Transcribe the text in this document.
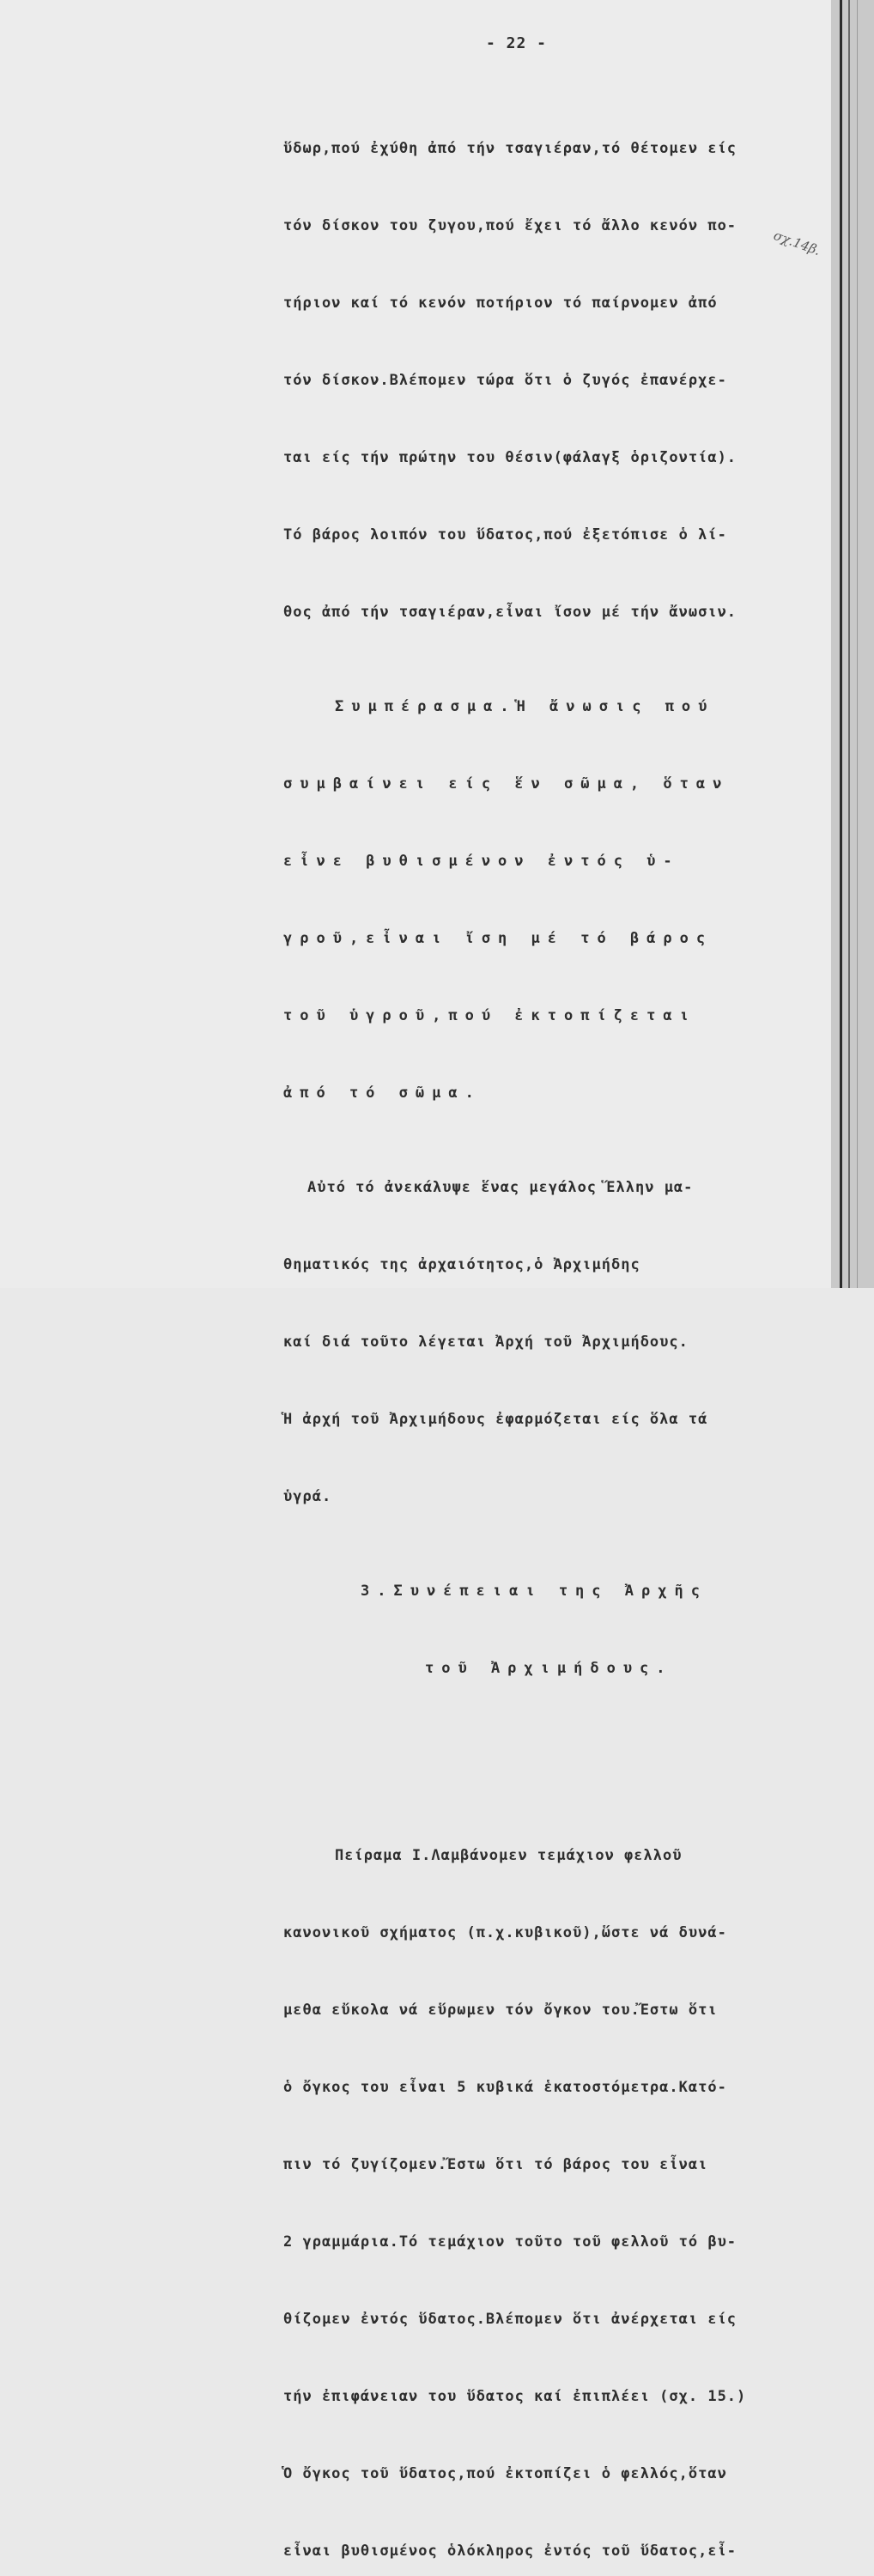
- 22 -
σχ.14β.

ὕδωρ,πού ἐχύθη ἀπό τήν τσαγιέραν,τό θέτομεν είς

τόν δίσκον του ζυγου,πού ἔχει τό ἄλλο κενόν πο-

τήριον καί τό κενόν ποτήριον τό παίρνομεν ἀπό

τόν δίσκον.Βλέπομεν τώρα ὅτι ὁ ζυγός ἐπανέρχε-

ται είς τήν πρώτην του θέσιν(φάλαγξ ὁριζοντία).

Τό βάρος λοιπόν του ὕδατος,πού ἐξετόπισε ὁ λί-

θος ἀπό τήν τσαγιέραν,εἶναι ἴσον μέ τήν ἄνωσιν.

Συμπέρασμα.Ἡ ἄνωσις πού

συμβαίνει είς ἕν σῶμα, ὅταν

εἶνε βυθισμένον ἐντός ὑ-

γροῦ,εἶναι ἴση μέ τό βάρος

τοῦ ὑγροῦ,πού ἐκτοπίζεται

ἀπό τό σῶμα.

Αὐτό τό ἀνεκάλυψε ἕνας μεγάλος Ἕλλην μα-

θηματικός της ἀρχαιότητος,ὁ Ἀρχιμήδης

καί διά τοῦτο λέγεται Ἀρχή τοῦ Ἀρχιμήδους.

Ἡ ἀρχή τοῦ Ἀρχιμήδους ἐφαρμόζεται είς ὅλα τά

ὑγρά.

3.Συνέπειαι της Ἀρχῆς

τοῦ Ἀρχιμήδους.

Πείραμα Ι.Λαμβάνομεν τεμάχιον φελλοῦ

κανονικοῦ σχήματος (π.χ.κυβικοῦ),ὥστε νά δυνά-

μεθα εὔκολα νά εὕρωμεν τόν ὄγκον του.Ἔστω ὅτι

ὁ ὄγκος του εἶναι 5 κυβικά ἑκατοστόμετρα.Κατό-

πιν τό ζυγίζομεν.Ἔστω ὅτι τό βάρος του εἶναι

2 γραμμάρια.Τό τεμάχιον τοῦτο τοῦ φελλοῦ τό βυ-

θίζομεν ἐντός ὕδατος.Βλέπομεν ὅτι ἀνέρχεται είς

τήν ἐπιφάνειαν του ὕδατος καί ἐπιπλέει (σχ. 15.)

Ὁ ὄγκος τοῦ ὕδατος,πού ἐκτοπίζει ὁ φελλός,ὅταν

εἶναι βυθισμένος ὁλόκληρος ἐντός τοῦ ὕδατος,εἶ-
